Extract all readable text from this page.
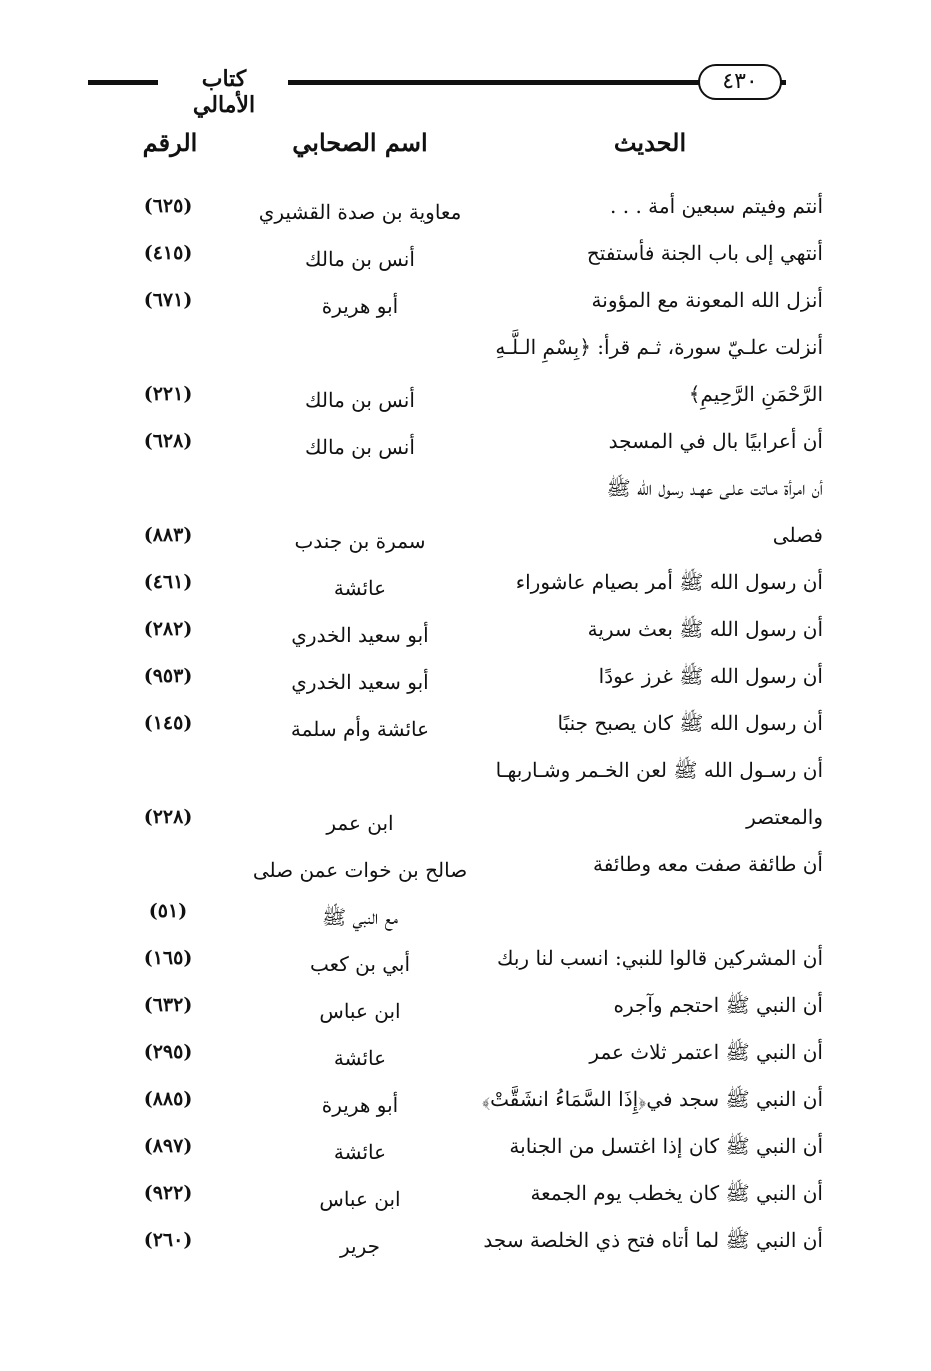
كتاب الأمالي
٤٣٠
الحديث
اسم الصحابي
الرقم
أنتم وفيتم سبعين أمة . . .
معاوية بن صدة القشيري
(٦٢٥)
أنتهي إلى باب الجنة فأستفتح
أنس بن مالك
(٤١٥)
أنزل الله المعونة مع المؤونة
أبو هريرة
(٦٧١)
أنزلت علـيّ سورة، ثـم قرأ: ﴿بِسْمِ الـلَّـهِ
الرَّحْمَنِ الرَّحِيمِ﴾
أنس بن مالك
(٢٢١)
أن أعرابيًا بال في المسجد
أنس بن مالك
(٦٢٨)
أن امرأة مـاتت علـى عهـد رسول الله ﷺ
فصلى
سمرة بن جندب
(٨٨٣)
أن رسول الله ﷺ أمر بصيام عاشوراء
عائشة
(٤٦١)
أن رسول الله ﷺ بعث سرية
أبو سعيد الخدري
(٢٨٢)
أن رسول الله ﷺ غرز عودًا
أبو سعيد الخدري
(٩٥٣)
أن رسول الله ﷺ كان يصبح جنبًا
عائشة وأم سلمة
(١٤٥)
أن رسـول الله ﷺ لعن الخـمر وشـاربهـا
والمعتصر
ابن عمر
(٢٢٨)
أن طائفة صفت معه وطائفة
صالح بن خوات عمن صلى
مع النبي ﷺ
(٥١)
أن المشركين قالوا للنبي: انسب لنا ربك
أبي بن كعب
(١٦٥)
أن النبي ﷺ احتجم وآجره
ابن عباس
(٦٣٢)
أن النبي ﷺ اعتمر ثلاث عمر
عائشة
(٢٩٥)
أن النبي ﷺ سجد في﴿إِذَا السَّمَاءُ انشَقَّتْ﴾
أبو هريرة
(٨٨٥)
أن النبي ﷺ كان إذا اغتسل من الجنابة
عائشة
(٨٩٧)
أن النبي ﷺ كان يخطب يوم الجمعة
ابن عباس
(٩٢٢)
أن النبي ﷺ لما أتاه فتح ذي الخلصة سجد
جرير
(٢٦٠)
